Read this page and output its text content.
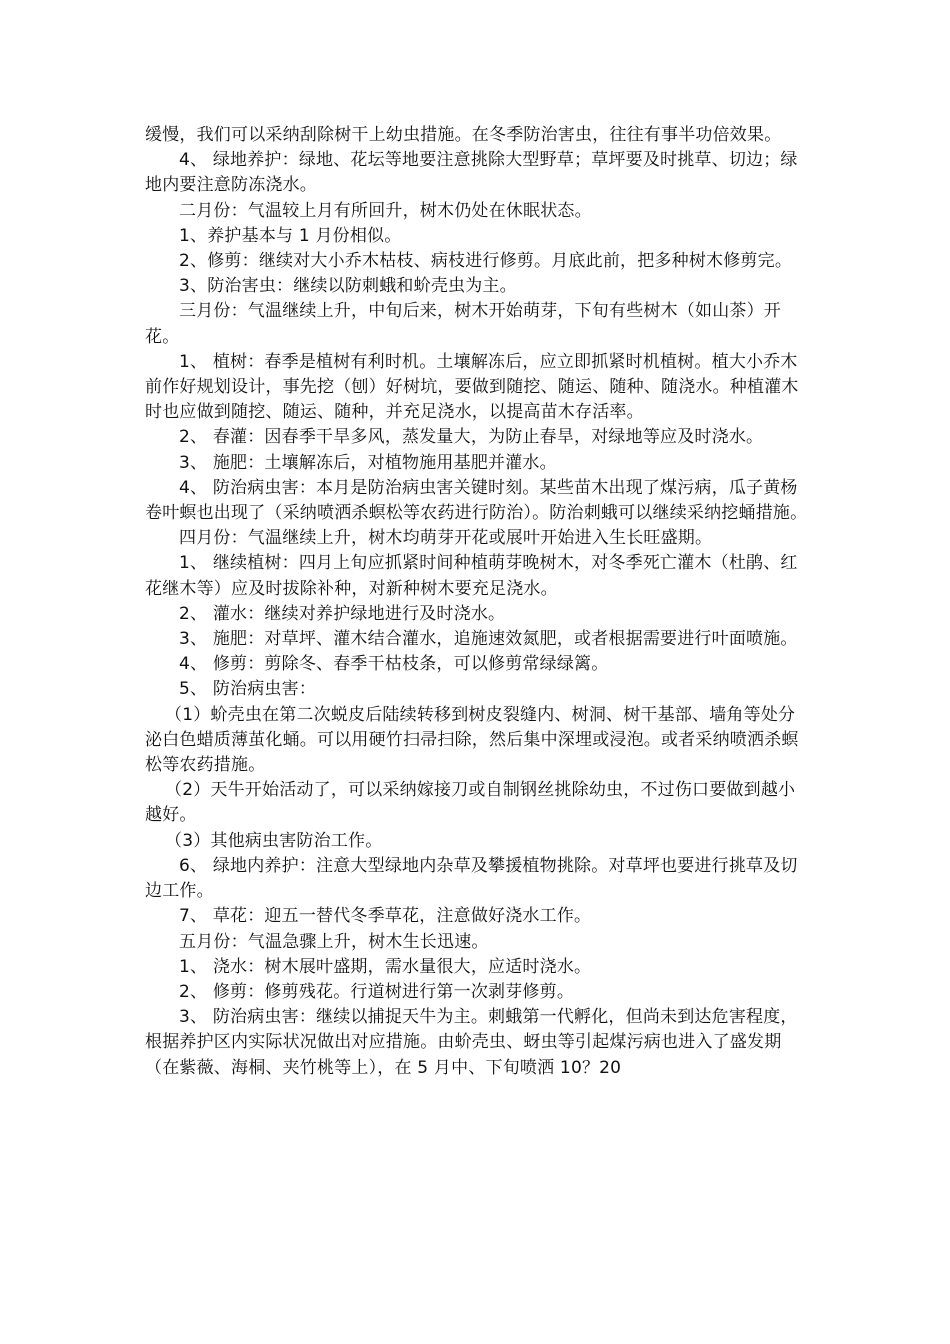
缓慢，我们可以采纳刮除树干上幼虫措施。在冬季防治害虫，往往有事半功倍效果。

4、 绿地养护：绿地、花坛等地要注意挑除大型野草；草坪要及时挑草、切边；绿地内要注意防冻浇水。

二月份：气温较上月有所回升，树木仍处在休眠状态。

1、养护基本与 1 月份相似。

2、修剪：继续对大小乔木枯枝、病枝进行修剪。月底此前，把多种树木修剪完。

3、防治害虫：继续以防刺蛾和蚧壳虫为主。

三月份：气温继续上升，中旬后来，树木开始萌芽，下旬有些树木（如山茶）开花。

1、 植树：春季是植树有利时机。土壤解冻后，应立即抓紧时机植树。植大小乔木前作好规划设计，事先挖（刨）好树坑，要做到随挖、随运、随种、随浇水。种植灌木时也应做到随挖、随运、随种，并充足浇水，以提高苗木存活率。

2、 春灌：因春季干旱多风，蒸发量大，为防止春旱，对绿地等应及时浇水。

3、 施肥：土壤解冻后，对植物施用基肥并灌水。

4、 防治病虫害：本月是防治病虫害关键时刻。某些苗木出现了煤污病，瓜子黄杨卷叶螟也出现了（采纳喷洒杀螟松等农药进行防治）。防治刺蛾可以继续采纳挖蛹措施。

四月份：气温继续上升，树木均萌芽开花或展叶开始进入生长旺盛期。

1、 继续植树：四月上旬应抓紧时间种植萌芽晚树木，对冬季死亡灌木（杜鹃、红花继木等）应及时拔除补种，对新种树木要充足浇水。

2、 灌水：继续对养护绿地进行及时浇水。

3、 施肥：对草坪、灌木结合灌水，追施速效氮肥，或者根据需要进行叶面喷施。

4、 修剪：剪除冬、春季干枯枝条，可以修剪常绿绿篱。

5、 防治病虫害：

（1）蚧壳虫在第二次蜕皮后陆续转移到树皮裂缝内、树洞、树干基部、墙角等处分泌白色蜡质薄茧化蛹。可以用硬竹扫帚扫除，然后集中深埋或浸泡。或者采纳喷洒杀螟松等农药措施。

（2）天牛开始活动了，可以采纳嫁接刀或自制钢丝挑除幼虫，不过伤口要做到越小越好。

（3）其他病虫害防治工作。

6、 绿地内养护：注意大型绿地内杂草及攀援植物挑除。对草坪也要进行挑草及切边工作。

7、 草花：迎五一替代冬季草花，注意做好浇水工作。

五月份：气温急骤上升，树木生长迅速。

1、 浇水：树木展叶盛期，需水量很大，应适时浇水。

2、 修剪：修剪残花。行道树进行第一次剥芽修剪。

3、 防治病虫害：继续以捕捉天牛为主。刺蛾第一代孵化，但尚未到达危害程度，根据养护区内实际状况做出对应措施。由蚧壳虫、蚜虫等引起煤污病也进入了盛发期（在紫薇、海桐、夹竹桃等上），在 5 月中、下旬喷洒 10？20
